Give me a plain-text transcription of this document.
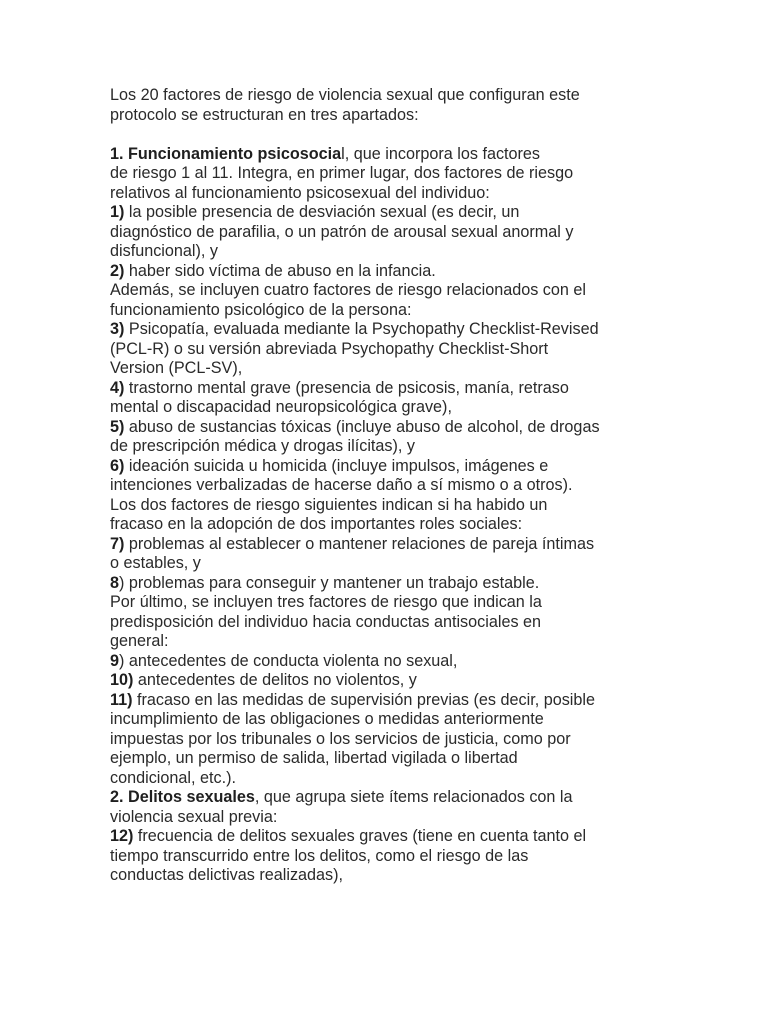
Los 20 factores de riesgo de violencia sexual que configuran este
protocolo se estructuran en tres apartados:
1. Funcionamiento psicosocial, que incorpora los factores
de riesgo 1 al 11. Integra, en primer lugar, dos factores de riesgo
relativos al funcionamiento psicosexual del individuo:
1) la posible presencia de desviación sexual (es decir, un
diagnóstico de parafilia, o un patrón de arousal sexual anormal y
disfuncional), y
2) haber sido víctima de abuso en la infancia.
Además, se incluyen cuatro factores de riesgo relacionados con el
funcionamiento psicológico de la persona:
3) Psicopatía, evaluada mediante la Psychopathy Checklist-Revised
(PCL-R) o su versión abreviada Psychopathy Checklist-Short
Version (PCL-SV),
4) trastorno mental grave (presencia de psicosis, manía, retraso
mental o discapacidad neuropsicológica grave),
5) abuso de sustancias tóxicas (incluye abuso de alcohol, de drogas
de prescripción médica y drogas ilícitas), y
6) ideación suicida u homicida (incluye impulsos, imágenes e
intenciones verbalizadas de hacerse daño a sí mismo o a otros).
Los dos factores de riesgo siguientes indican si ha habido un
fracaso en la adopción de dos importantes roles sociales:
7) problemas al establecer o mantener relaciones de pareja íntimas
o estables, y
8) problemas para conseguir y mantener un trabajo estable.
Por último, se incluyen tres factores de riesgo que indican la
predisposición del individuo hacia conductas antisociales en
general:
9) antecedentes de conducta violenta no sexual,
10) antecedentes de delitos no violentos, y
11) fracaso en las medidas de supervisión previas (es decir, posible
incumplimiento de las obligaciones o medidas anteriormente
impuestas por los tribunales o los servicios de justicia, como por
ejemplo, un permiso de salida, libertad vigilada o libertad
condicional, etc.).
2. Delitos sexuales, que agrupa siete ítems relacionados con la
violencia sexual previa:
12) frecuencia de delitos sexuales graves (tiene en cuenta tanto el
tiempo transcurrido entre los delitos, como el riesgo de las
conductas delictivas realizadas),
